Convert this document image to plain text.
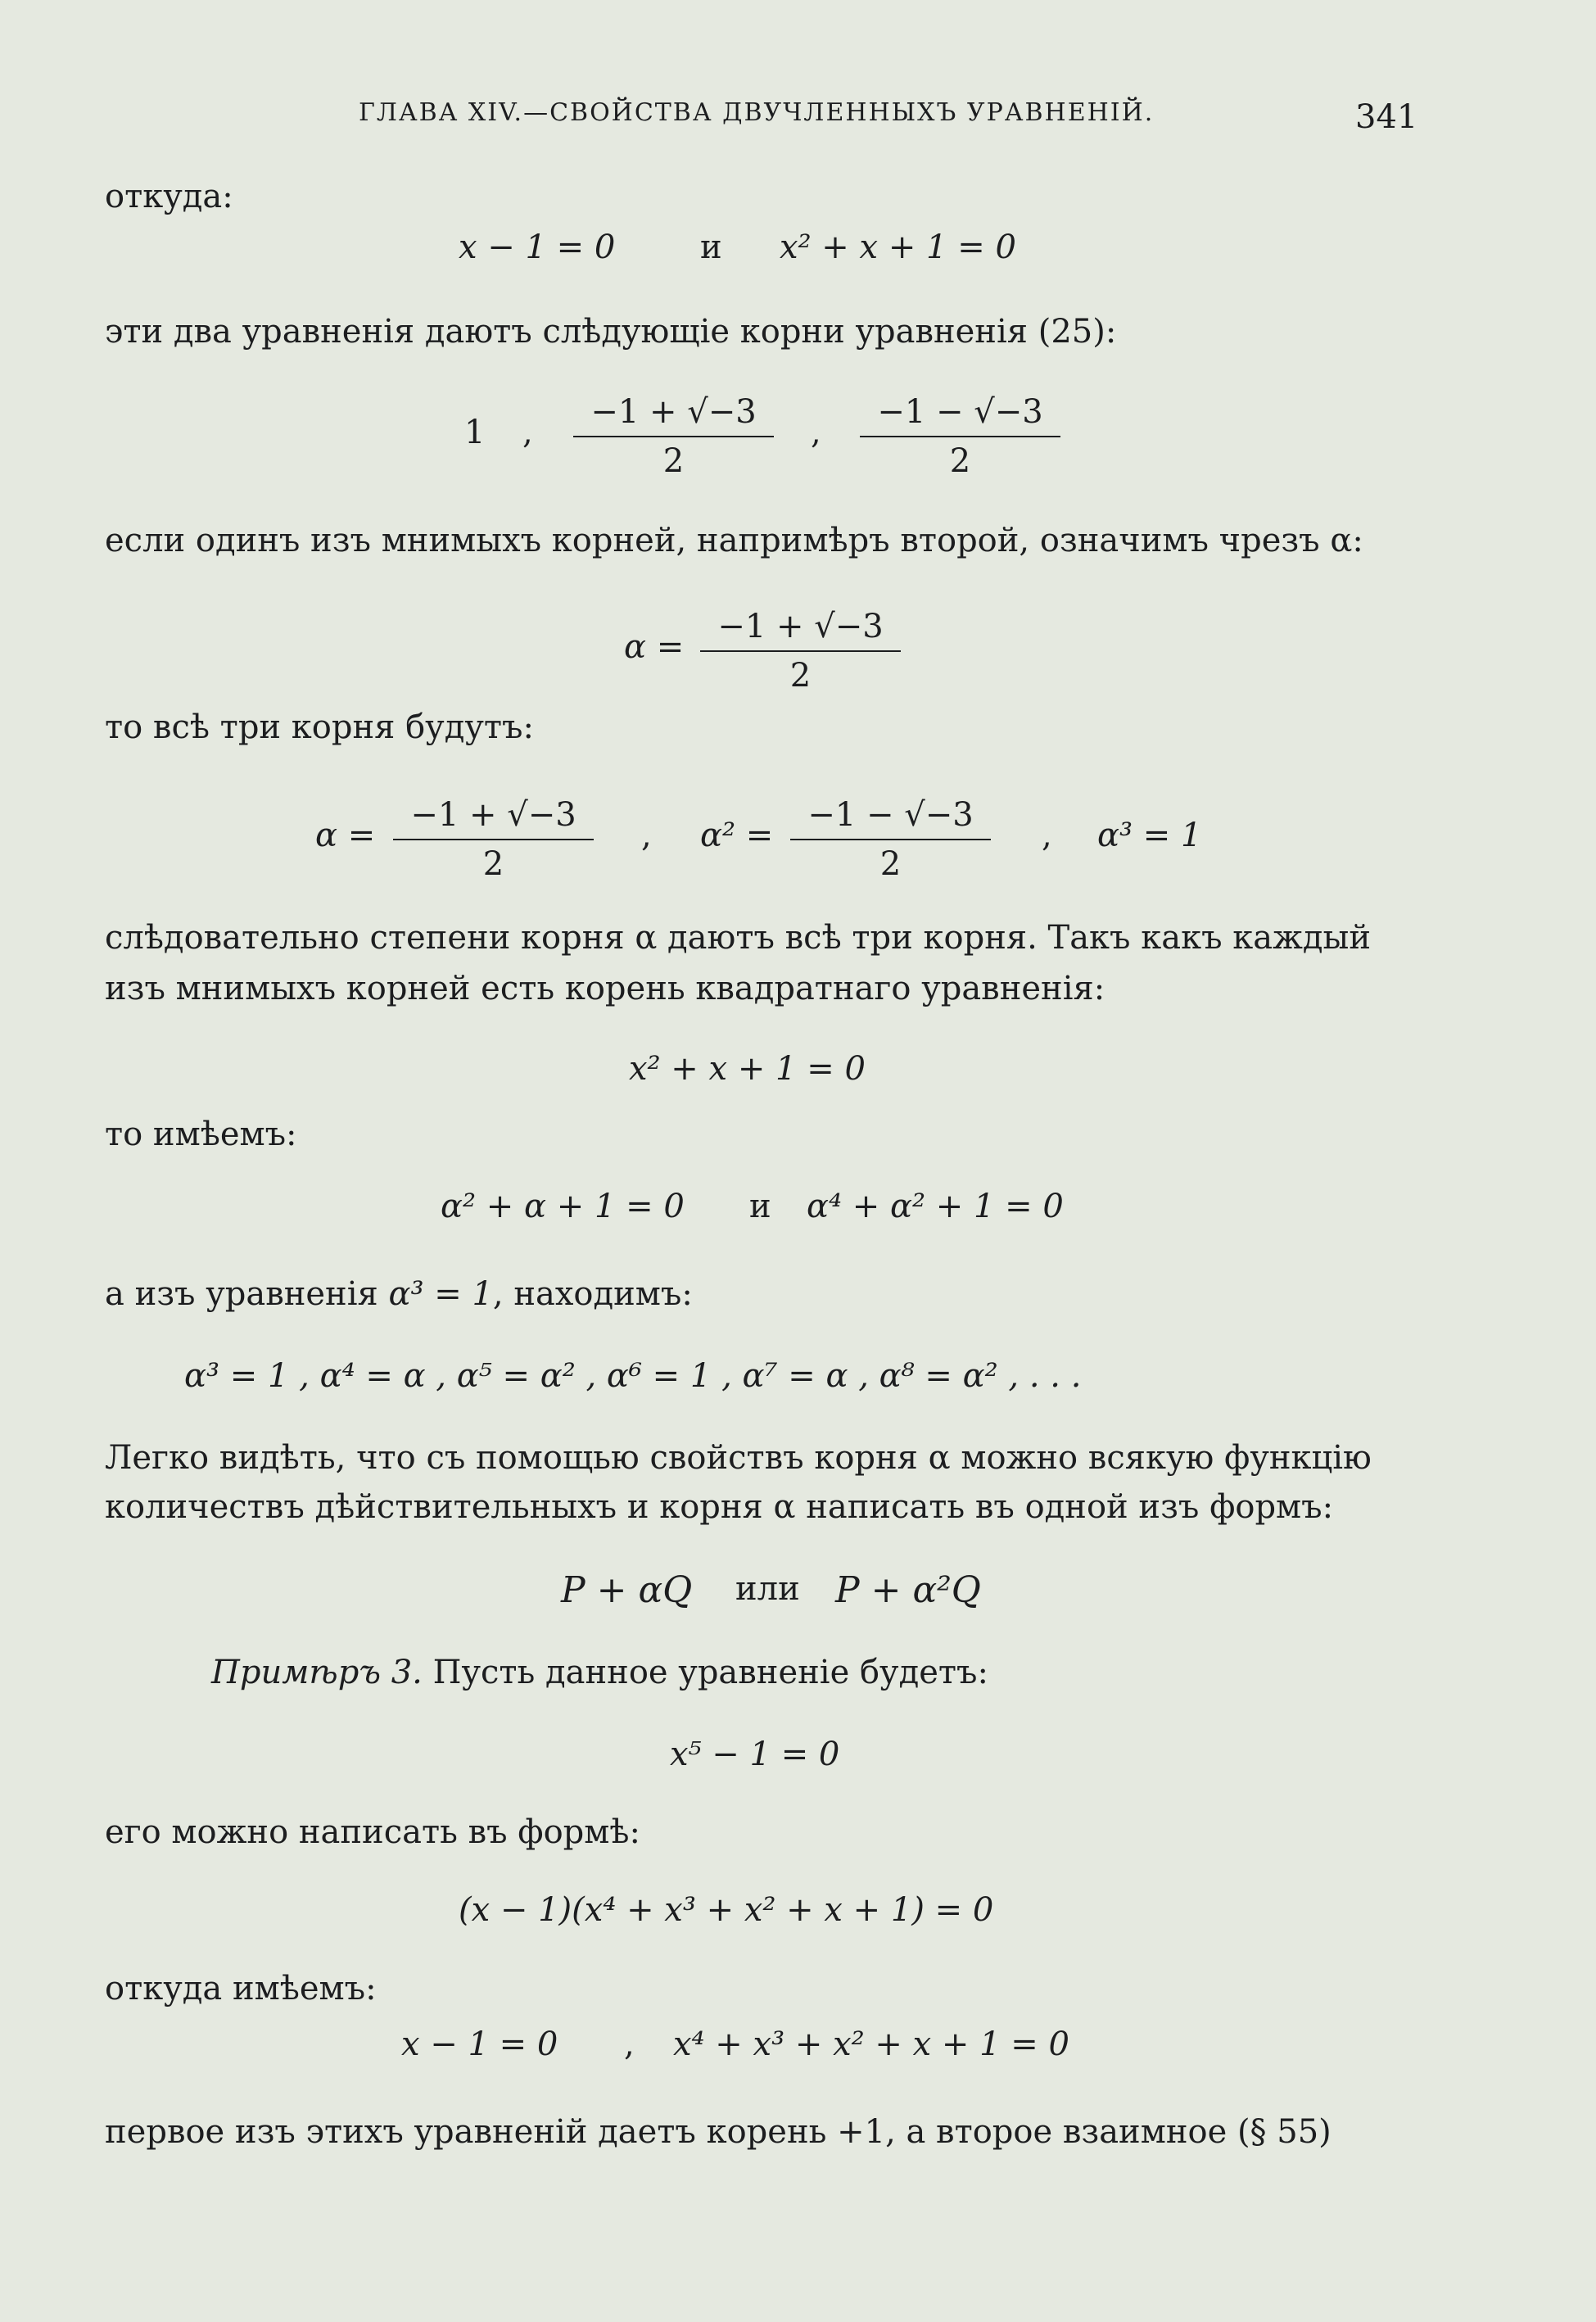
ГЛАВА XIV.—СВОЙСТВА ДВУЧЛЕННЫХЪ УРАВНЕНІЙ.	341
откуда:
x − 1 = 0	и x² + x + 1 = 0
эти два уравненія даютъ слѣдующіе корни уравненія (25):
1 , $\frac{-1 + √-3}{2}$ , $\frac{-1 - √-3}{2}$
если одинъ изъ мнимыхъ корней, напримѣръ второй, означимъ чрезъ α:
$\alpha = \frac{-1 + √-3}{2}$
то всѣ три корня будутъ:
$\alpha = \frac{-1 + √-3}{2}$ , $\alpha^2 = \frac{-1 - √-3}{2}$ , α³ = 1
слѣдовательно степени корня α даютъ всѣ три корня. Такъ какъ каждый
изъ мнимыхъ корней есть корень квадратнаго уравненія:
x² + x + 1 = 0
то имѣемъ:
α² + α + 1 = 0 и α⁴ + α² + 1 = 0
а изъ уравненія α³ = 1, находимъ:
α³ = 1 , α⁴ = α , α⁵ = α² , α⁶ = 1 , α⁷ = α , α⁸ = α² , . . .
Легко видѣть, что съ помощью свойствъ корня α можно всякую функцію
количествъ дѣйствительныхъ и корня α написать въ одной изъ формъ:
P + αQ или P + α²Q
Примѣръ 3. Пусть данное уравненіе будетъ:
x⁵ − 1 = 0
его можно написать въ формѣ:
(x − 1)(x⁴ + x³ + x² + x + 1) = 0
откуда имѣемъ:
x − 1 = 0 , x⁴ + x³ + x² + x + 1 = 0
первое изъ этихъ уравненій даетъ корень +1, а второе взаимное (§ 55)
